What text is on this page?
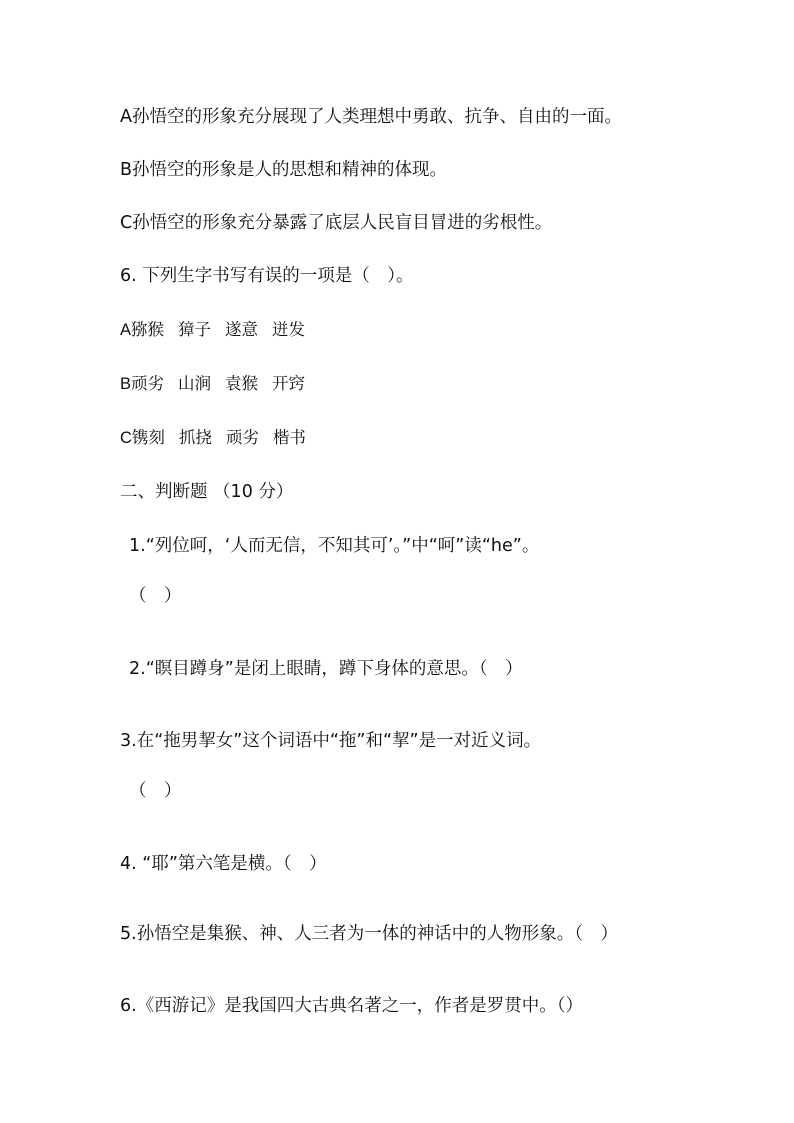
A孙悟空的形象充分展现了人类理想中勇敢、抗争、自由的一面。
B孙悟空的形象是人的思想和精神的体现。
C孙悟空的形象充分暴露了底层人民盲目冒进的劣根性。
6. 下列生字书写有误的一项是（　）。
A猕猴 獐子 遂意 迸发
B顽劣 山涧 袁猴 开窍
C镌刻 抓挠 顽劣 楷书
二、判断题 （10 分）
1.“列位呵，‘人而无信，不知其可’。”中“呵”读“he”。
（　）
2.“瞑目蹲身”是闭上眼睛，蹲下身体的意思。（　）
3.在“拖男挈女”这个词语中“拖”和“挈”是一对近义词。
（　）
4. “耶”第六笔是横。（　）
5.孙悟空是集猴、神、人三者为一体的神话中的人物形象。（　）
6.《西游记》是我国四大古典名著之一，作者是罗贯中。（）
